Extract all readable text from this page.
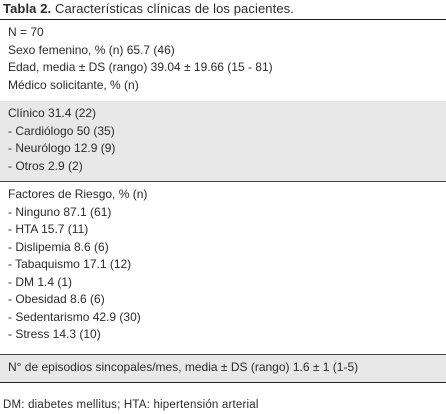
Tabla 2. Características clínicas de los pacientes.
N = 70
Sexo femenino, % (n) 65.7 (46)
Edad, media ± DS (rango) 39.04 ± 19.66 (15 - 81)
Médico solicitante, % (n)
Clínico 31.4 (22)
- Cardiólogo 50 (35)
- Neurólogo 12.9 (9)
- Otros 2.9 (2)
Factores de Riesgo, % (n)
- Ninguno 87.1 (61)
- HTA 15.7 (11)
- Dislipemia 8.6 (6)
- Tabaquismo 17.1 (12)
- DM 1.4 (1)
- Obesidad 8.6 (6)
- Sedentarismo 42.9 (30)
- Stress 14.3 (10)
N° de episodios sincopales/mes, media ± DS (rango) 1.6 ± 1 (1-5)
DM: diabetes mellitus; HTA: hipertensión arterial
